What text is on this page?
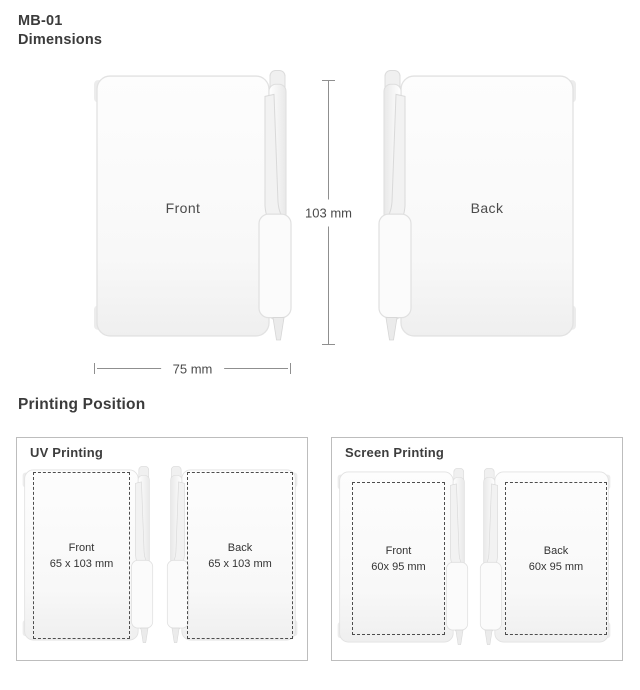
MB-01
Dimensions
Front	103 mm	Back
75 mm
Printing Position
UV Printing
Front
65 x 103 mm
Back
65 x 103 mm
Screen Printing
Front
60x 95 mm
Back
60x 95 mm
